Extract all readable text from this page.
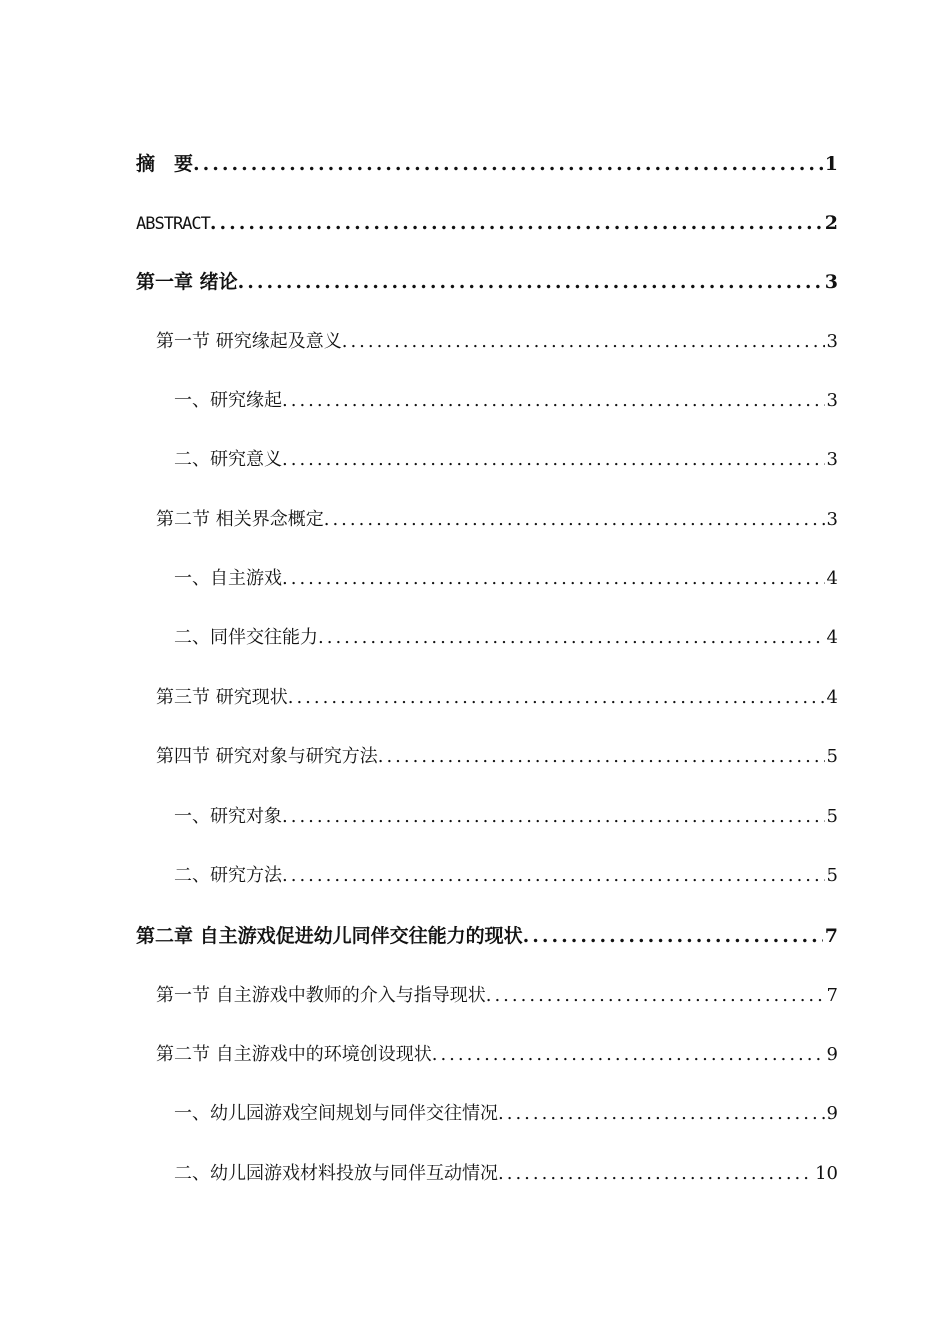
摘　要 .....	1
ABSTRACT .....	2
第一章 绪论 .....	3
第一节 研究缘起及意义 .....	3
一、研究缘起 .....	3
二、研究意义 .....	3
第二节 相关界念概定 .....	3
一、自主游戏 .....	4
二、同伴交往能力 .....	4
第三节 研究现状 .....	4
第四节 研究对象与研究方法 .....	5
一、研究对象 .....	5
二、研究方法 .....	5
第二章 自主游戏促进幼儿同伴交往能力的现状 .....	7
第一节 自主游戏中教师的介入与指导现状 .....	7
第二节 自主游戏中的环境创设现状 .....	9
一、幼儿园游戏空间规划与同伴交往情况 .....	9
二、幼儿园游戏材料投放与同伴互动情况 .....	10
